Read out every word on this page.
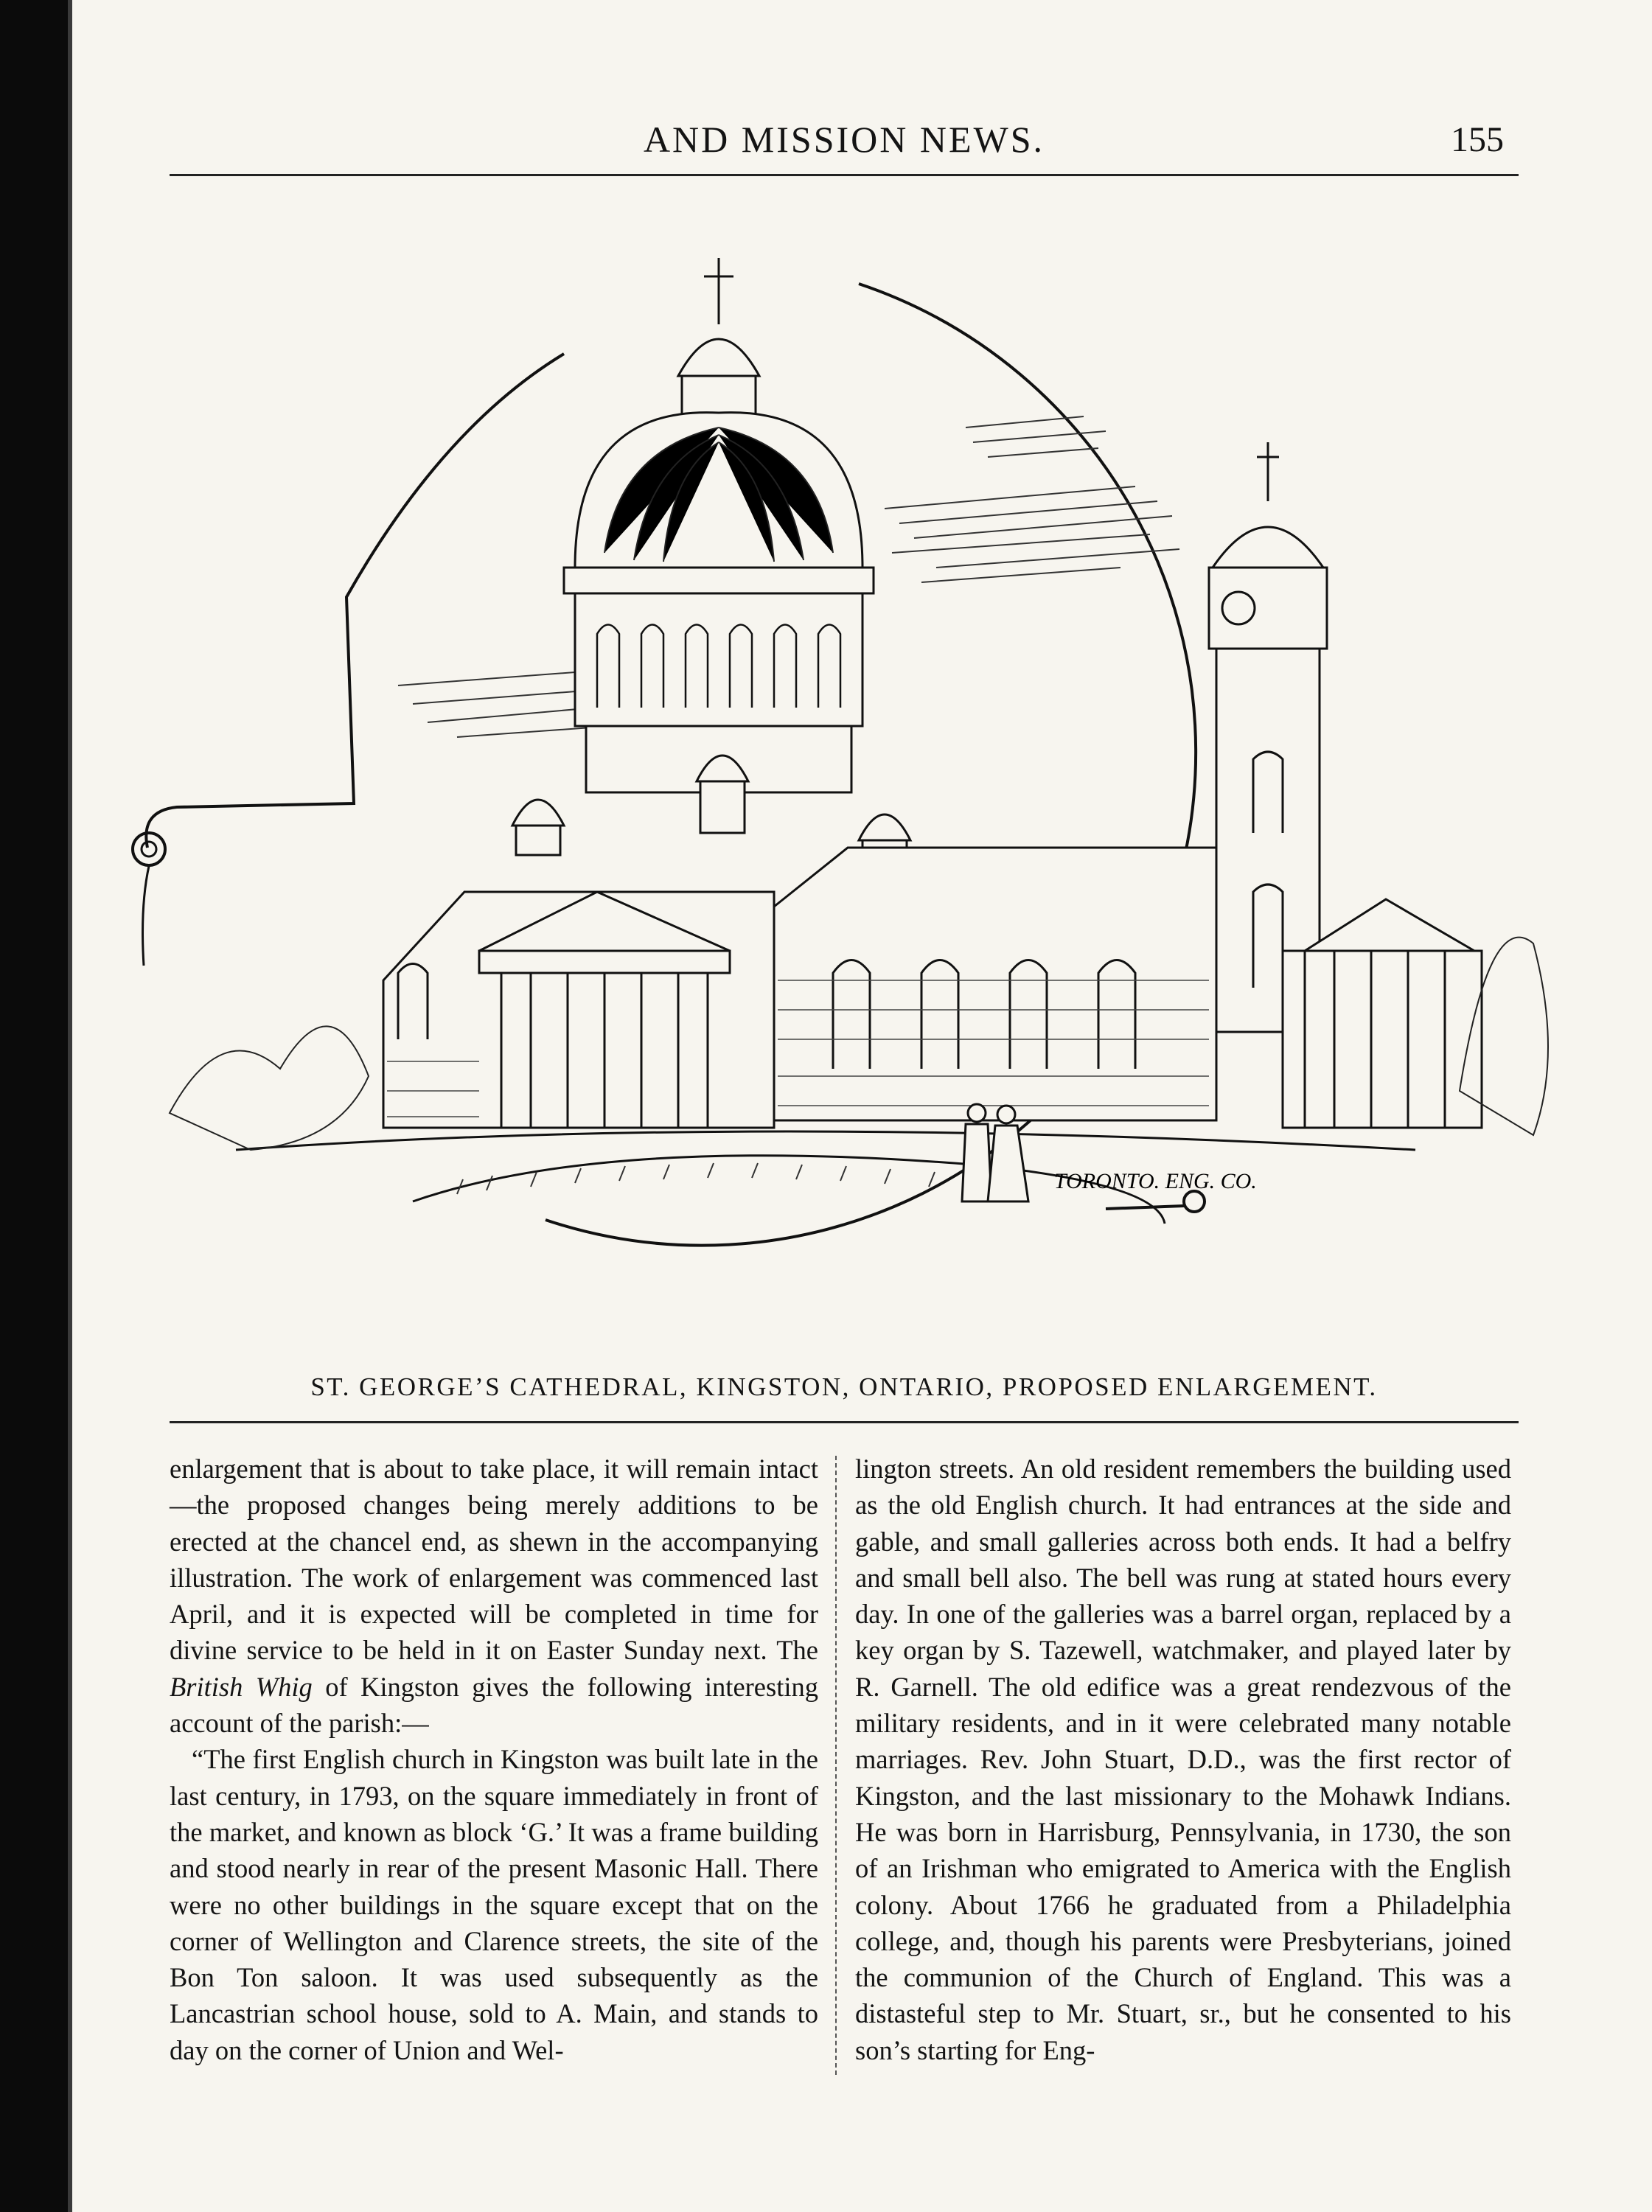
AND MISSION NEWS.	155
TORONTO. ENG. CO.
ST. GEORGE’S CATHEDRAL, KINGSTON, ONTARIO, PROPOSED ENLARGEMENT.

enlargement that is about to take place, it will remain intact—the proposed changes being merely additions to be erected at the chancel end, as shewn in the accompanying illustration. The work of enlargement was commenced last April, and it is expected will be completed in time for divine service to be held in it on Easter Sunday next. The British Whig of Kingston gives the following interesting account of the parish:—

“The first English church in Kingston was built late in the last century, in 1793, on the square immediately in front of the market, and known as block ‘G.’ It was a frame building and stood nearly in rear of the present Masonic Hall. There were no other buildings in the square except that on the corner of Wellington and Clarence streets, the site of the Bon Ton saloon. It was used subsequently as the Lancastrian school house, sold to A. Main, and stands to day on the corner of Union and Wel-

lington streets. An old resident remembers the building used as the old English church. It had entrances at the side and gable, and small galleries across both ends. It had a belfry and small bell also. The bell was rung at stated hours every day. In one of the galleries was a barrel organ, replaced by a key organ by S. Tazewell, watchmaker, and played later by R. Garnell. The old edifice was a great rendezvous of the military residents, and in it were celebrated many notable marriages. Rev. John Stuart, D.D., was the first rector of Kingston, and the last missionary to the Mohawk Indians. He was born in Harrisburg, Pennsylvania, in 1730, the son of an Irishman who emigrated to America with the English colony. About 1766 he graduated from a Philadelphia college, and, though his parents were Presbyterians, joined the communion of the Church of England. This was a distasteful step to Mr. Stuart, sr., but he consented to his son’s starting for Eng-
